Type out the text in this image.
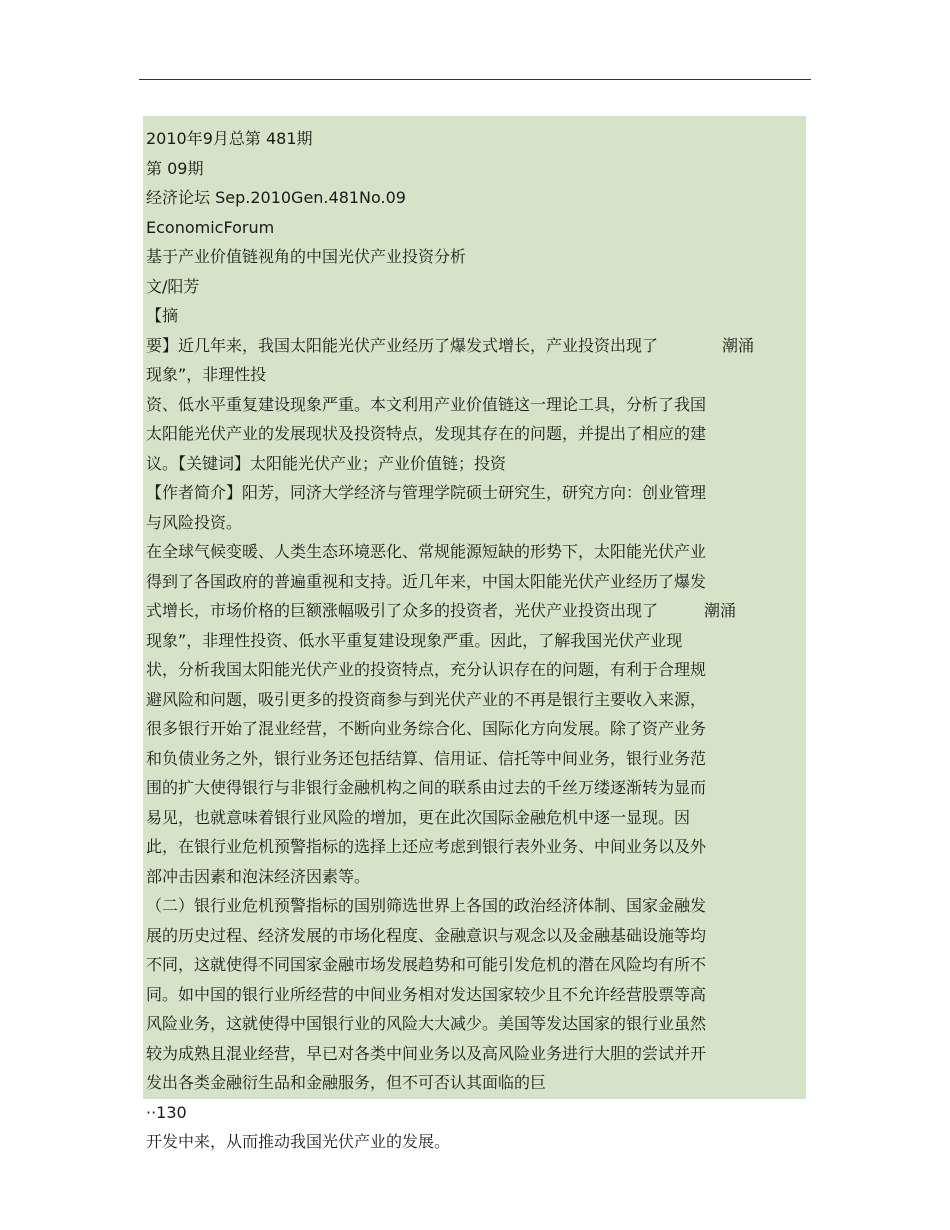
2010年9月总第 481期
第 09期
经济论坛 Sep.2010Gen.481No.09
EconomicForum
基于产业价值链视角的中国光伏产业投资分析
文/阳芳
【摘
要】近几年来，我国太阳能光伏产业经历了爆发式增长，产业投资出现了	潮涌
现象”，非理性投
资、低水平重复建设现象严重。本文利用产业价值链这一理论工具，分析了我国
太阳能光伏产业的发展现状及投资特点，发现其存在的问题，并提出了相应的建
议。【关键词】太阳能光伏产业；产业价值链；投资
【作者简介】阳芳，同济大学经济与管理学院硕士研究生，研究方向：创业管理
与风险投资。
在全球气候变暖、人类生态环境恶化、常规能源短缺的形势下，太阳能光伏产业
得到了各国政府的普遍重视和支持。近几年来，中国太阳能光伏产业经历了爆发
式增长，市场价格的巨额涨幅吸引了众多的投资者，光伏产业投资出现了	潮涌
现象”，非理性投资、低水平重复建设现象严重。因此，了解我国光伏产业现
状，分析我国太阳能光伏产业的投资特点，充分认识存在的问题，有利于合理规
避风险和问题，吸引更多的投资商参与到光伏产业的不再是银行主要收入来源，
很多银行开始了混业经营，不断向业务综合化、国际化方向发展。除了资产业务
和负债业务之外，银行业务还包括结算、信用证、信托等中间业务，银行业务范
围的扩大使得银行与非银行金融机构之间的联系由过去的千丝万缕逐渐转为显而
易见，也就意味着银行业风险的增加，更在此次国际金融危机中逐一显现。因
此，在银行业危机预警指标的选择上还应考虑到银行表外业务、中间业务以及外
部冲击因素和泡沫经济因素等。
（二）银行业危机预警指标的国别筛选世界上各国的政治经济体制、国家金融发
展的历史过程、经济发展的市场化程度、金融意识与观念以及金融基础设施等均
不同，这就使得不同国家金融市场发展趋势和可能引发危机的潜在风险均有所不
同。如中国的银行业所经营的中间业务相对发达国家较少且不允许经营股票等高
风险业务，这就使得中国银行业的风险大大减少。美国等发达国家的银行业虽然
较为成熟且混业经营，早已对各类中间业务以及高风险业务进行大胆的尝试并开
发出各类金融衍生品和金融服务，但不可否认其面临的巨
··130
开发中来，从而推动我国光伏产业的发展。
